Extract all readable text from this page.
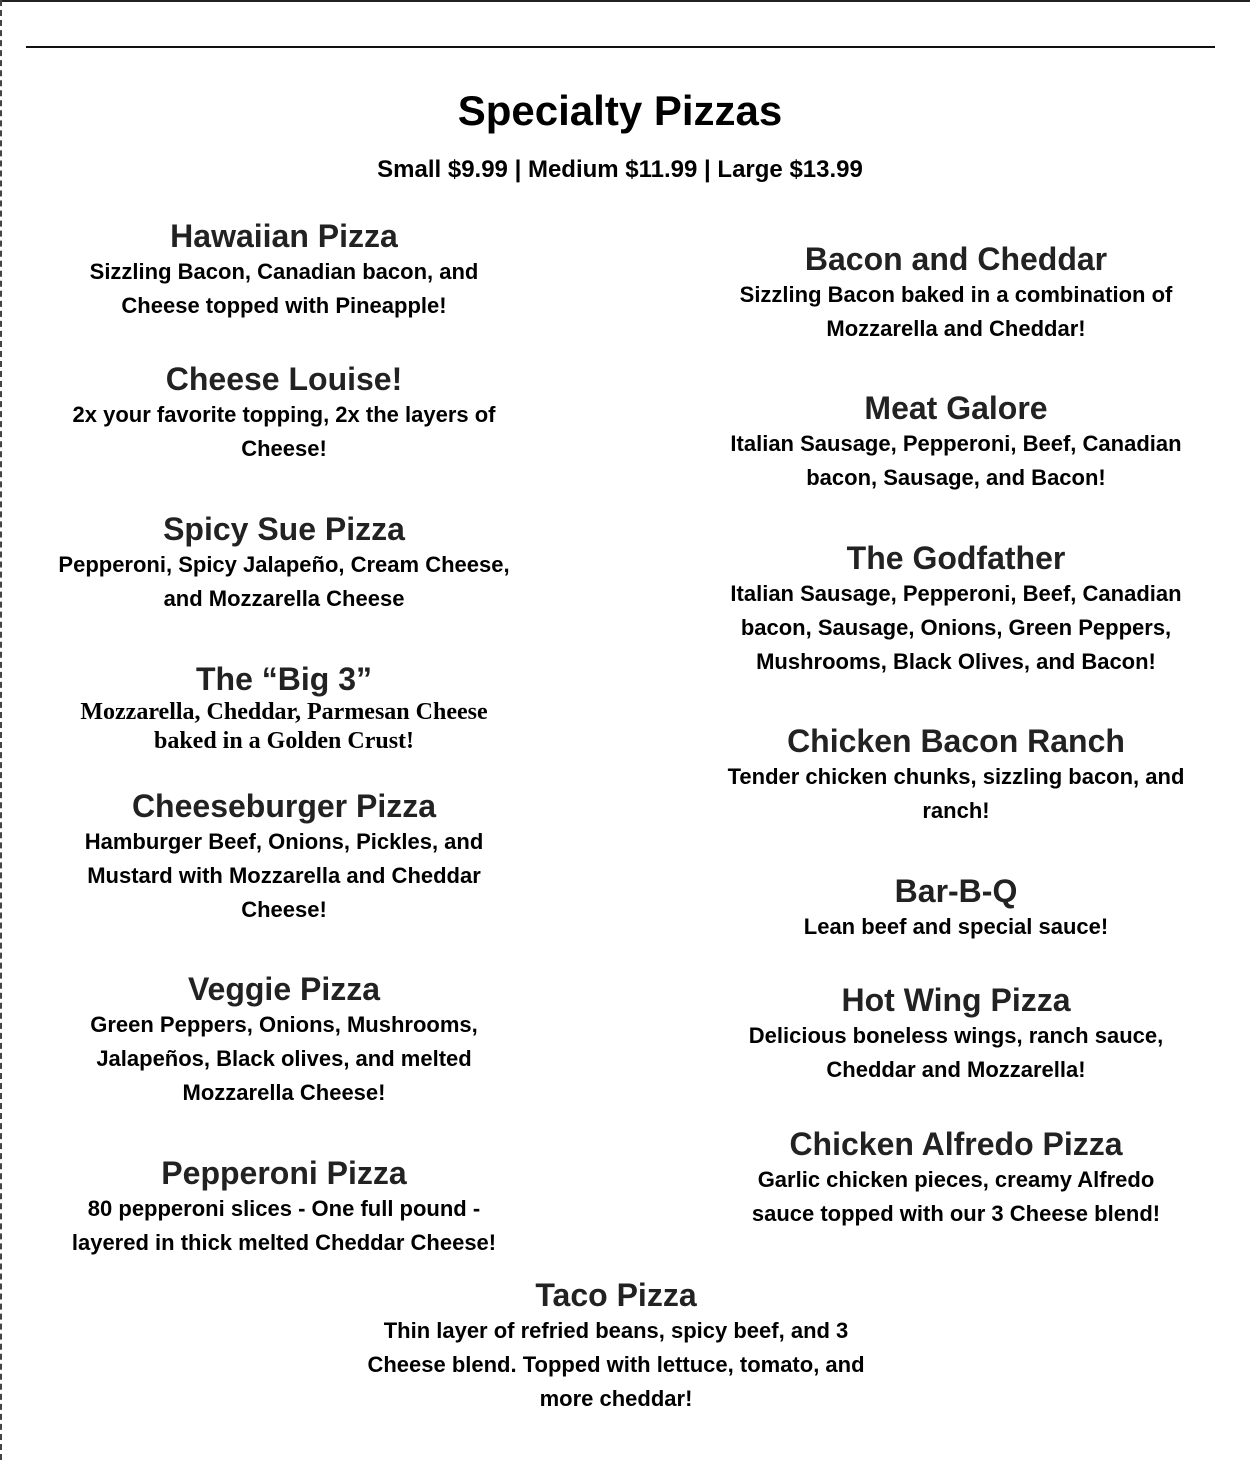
Specialty Pizzas
Small $9.99 | Medium $11.99 | Large $13.99
Hawaiian Pizza
Sizzling Bacon, Canadian bacon, and
Cheese topped with Pineapple!
Cheese Louise!
2x your favorite topping, 2x the layers of
Cheese!
Spicy Sue Pizza
Pepperoni, Spicy Jalapeño, Cream Cheese,
and Mozzarella Cheese
The “Big 3”
Mozzarella, Cheddar, Parmesan Cheese
baked in a Golden Crust!
Cheeseburger Pizza
Hamburger Beef, Onions, Pickles, and
Mustard with Mozzarella and Cheddar
Cheese!
Veggie Pizza
Green Peppers, Onions, Mushrooms,
Jalapeños, Black olives, and melted
Mozzarella Cheese!
Pepperoni Pizza
80 pepperoni slices - One full pound -
layered in thick melted Cheddar Cheese!
Bacon and Cheddar
Sizzling Bacon baked in a combination of
Mozzarella and Cheddar!
Meat Galore
Italian Sausage, Pepperoni, Beef, Canadian
bacon, Sausage, and Bacon!
The Godfather
Italian Sausage, Pepperoni, Beef, Canadian
bacon, Sausage, Onions, Green Peppers,
Mushrooms, Black Olives, and Bacon!
Chicken Bacon Ranch
Tender chicken chunks, sizzling bacon, and
ranch!
Bar-B-Q
Lean beef and special sauce!
Hot Wing Pizza
Delicious boneless wings, ranch sauce,
Cheddar and Mozzarella!
Chicken Alfredo Pizza
Garlic chicken pieces, creamy Alfredo
sauce topped with our 3 Cheese blend!
Taco Pizza
Thin layer of refried beans, spicy beef, and 3
Cheese blend. Topped with lettuce, tomato, and
more cheddar!
